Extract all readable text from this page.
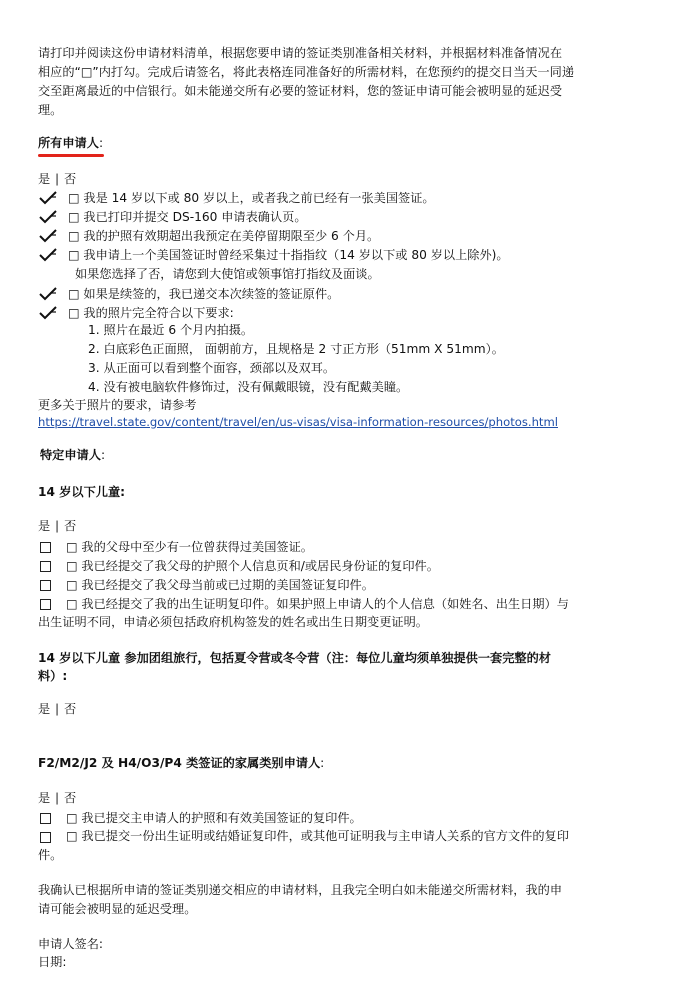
请打印并阅读这份申请材料清单，根据您要申请的签证类别准备相关材料，并根据材料准备情况在
相应的“□”内打勾。完成后请签名，将此表格连同准备好的所需材料，在您预约的提交日当天一同递
交至距离最近的中信银行。如未能递交所有必要的签证材料，您的签证申请可能会被明显的延迟受
理。
所有申请人:
是 ∣ 否
□ 我是 14 岁以下或 80 岁以上，或者我之前已经有一张美国签证。
□ 我已打印并提交 DS-160 申请表确认页。
□ 我的护照有效期超出我预定在美停留期限至少 6 个月。
□ 我申请上一个美国签证时曾经采集过十指指纹（14 岁以下或 80 岁以上除外)。
如果您选择了否，请您到大使馆或领事馆打指纹及面谈。
□ 如果是续签的，我已递交本次续签的签证原件。
□ 我的照片完全符合以下要求:
1. 照片在最近 6 个月内拍摄。
2. 白底彩色正面照， 面朝前方，且规格是 2 寸正方形（51mm X 51mm）。
3. 从正面可以看到整个面容，颈部以及双耳。
4. 没有被电脑软件修饰过，没有佩戴眼镜，没有配戴美瞳。
更多关于照片的要求，请参考
https://travel.state.gov/content/travel/en/us-visas/visa-information-resources/photos.html
特定申请人:
14 岁以下儿童:
是 ∣ 否
□ 我的父母中至少有一位曾获得过美国签证。
□ 我已经提交了我父母的护照个人信息页和/或居民身份证的复印件。
□ 我已经提交了我父母当前或已过期的美国签证复印件。
□ 我已经提交了我的出生证明复印件。如果护照上申请人的个人信息（如姓名、出生日期）与
出生证明不同，申请必须包括政府机构签发的姓名或出生日期变更证明。
14 岁以下儿童 参加团组旅行，包括夏令营或冬令营（注：每位儿童均须单独提供一套完整的材
料）:
是 ∣ 否
F2/M2/J2 及 H4/O3/P4 类签证的家属类别申请人:
是 ∣ 否
□ 我已提交主申请人的护照和有效美国签证的复印件。
□ 我已提交一份出生证明或结婚证复印件，或其他可证明我与主申请人关系的官方文件的复印
件。
我确认已根据所申请的签证类别递交相应的申请材料，且我完全明白如未能递交所需材料，我的申
请可能会被明显的延迟受理。
申请人签名:
日期:
